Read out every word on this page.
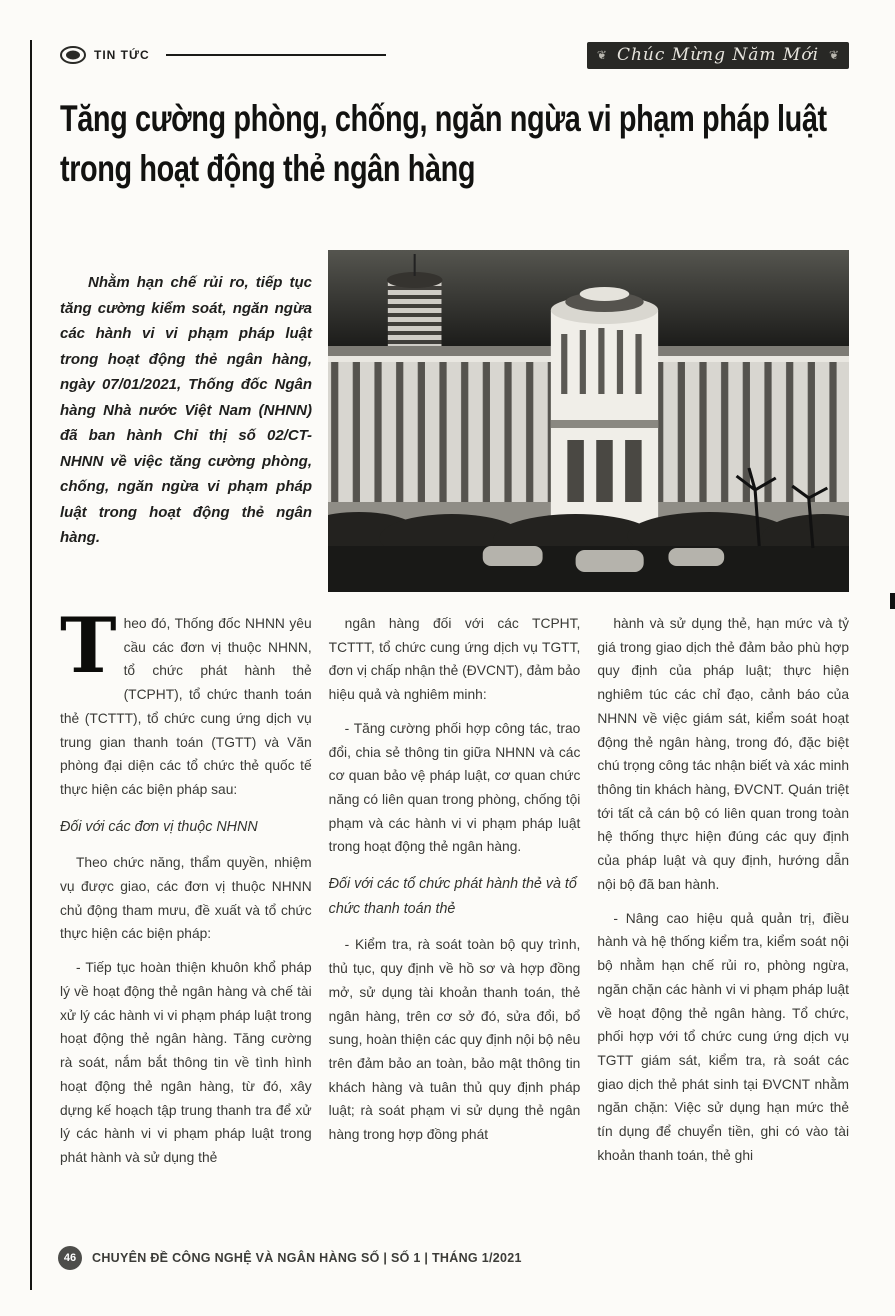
TIN TỨC	❦ Chúc Mừng Năm Mới ❦
Tăng cường phòng, chống, ngăn ngừa vi phạm pháp luật trong hoạt động thẻ ngân hàng
Nhằm hạn chế rủi ro, tiếp tục tăng cường kiểm soát, ngăn ngừa các hành vi vi phạm pháp luật trong hoạt động thẻ ngân hàng, ngày 07/01/2021, Thống đốc Ngân hàng Nhà nước Việt Nam (NHNN) đã ban hành Chỉ thị số 02/CT-NHNN về việc tăng cường phòng, chống, ngăn ngừa vi phạm pháp luật trong hoạt động thẻ ngân hàng.

Theo đó, Thống đốc NHNN yêu cầu các đơn vị thuộc NHNN, tổ chức phát hành thẻ (TCPHT), tổ chức thanh toán thẻ (TCTTT), tổ chức cung ứng dịch vụ trung gian thanh toán (TGTT) và Văn phòng đại diện các tổ chức thẻ quốc tế thực hiện các biện pháp sau:

Đối với các đơn vị thuộc NHNN

Theo chức năng, thẩm quyền, nhiệm vụ được giao, các đơn vị thuộc NHNN chủ động tham mưu, đề xuất và tổ chức thực hiện các biện pháp:

- Tiếp tục hoàn thiện khuôn khổ pháp lý về hoạt động thẻ ngân hàng và chế tài xử lý các hành vi vi phạm pháp luật trong hoạt động thẻ ngân hàng. Tăng cường rà soát, nắm bắt thông tin về tình hình hoạt động thẻ ngân hàng, từ đó, xây dựng kế hoạch tập trung thanh tra để xử lý các hành vi vi phạm pháp luật trong phát hành và sử dụng thẻ

ngân hàng đối với các TCPHT, TCTTT, tổ chức cung ứng dịch vụ TGTT, đơn vị chấp nhận thẻ (ĐVCNT), đảm bảo hiệu quả và nghiêm minh:

- Tăng cường phối hợp công tác, trao đổi, chia sẻ thông tin giữa NHNN và các cơ quan bảo vệ pháp luật, cơ quan chức năng có liên quan trong phòng, chống tội phạm và các hành vi vi phạm pháp luật trong hoạt động thẻ ngân hàng.

Đối với các tổ chức phát hành thẻ và tổ chức thanh toán thẻ

- Kiểm tra, rà soát toàn bộ quy trình, thủ tục, quy định về hồ sơ và hợp đồng mở, sử dụng tài khoản thanh toán, thẻ ngân hàng, trên cơ sở đó, sửa đổi, bổ sung, hoàn thiện các quy định nội bộ nêu trên đảm bảo an toàn, bảo mật thông tin khách hàng và tuân thủ quy định pháp luật; rà soát phạm vi sử dụng thẻ ngân hàng trong hợp đồng phát

hành và sử dụng thẻ, hạn mức và tỷ giá trong giao dịch thẻ đảm bảo phù hợp quy định của pháp luật; thực hiện nghiêm túc các chỉ đạo, cảnh báo của NHNN về việc giám sát, kiểm soát hoạt động thẻ ngân hàng, trong đó, đặc biệt chú trọng công tác nhận biết và xác minh thông tin khách hàng, ĐVCNT. Quán triệt tới tất cả cán bộ có liên quan trong toàn hệ thống thực hiện đúng các quy định của pháp luật và quy định, hướng dẫn nội bộ đã ban hành.

- Nâng cao hiệu quả quản trị, điều hành và hệ thống kiểm tra, kiểm soát nội bộ nhằm hạn chế rủi ro, phòng ngừa, ngăn chặn các hành vi vi phạm pháp luật về hoạt động thẻ ngân hàng. Tổ chức, phối hợp với tổ chức cung ứng dịch vụ TGTT giám sát, kiểm tra, rà soát các giao dịch thẻ phát sinh tại ĐVCNT nhằm ngăn chặn: Việc sử dụng hạn mức thẻ tín dụng để chuyển tiền, ghi có vào tài khoản thanh toán, thẻ ghi

46	CHUYÊN ĐỀ CÔNG NGHỆ VÀ NGÂN HÀNG SỐ | SỐ 1 | THÁNG 1/2021
